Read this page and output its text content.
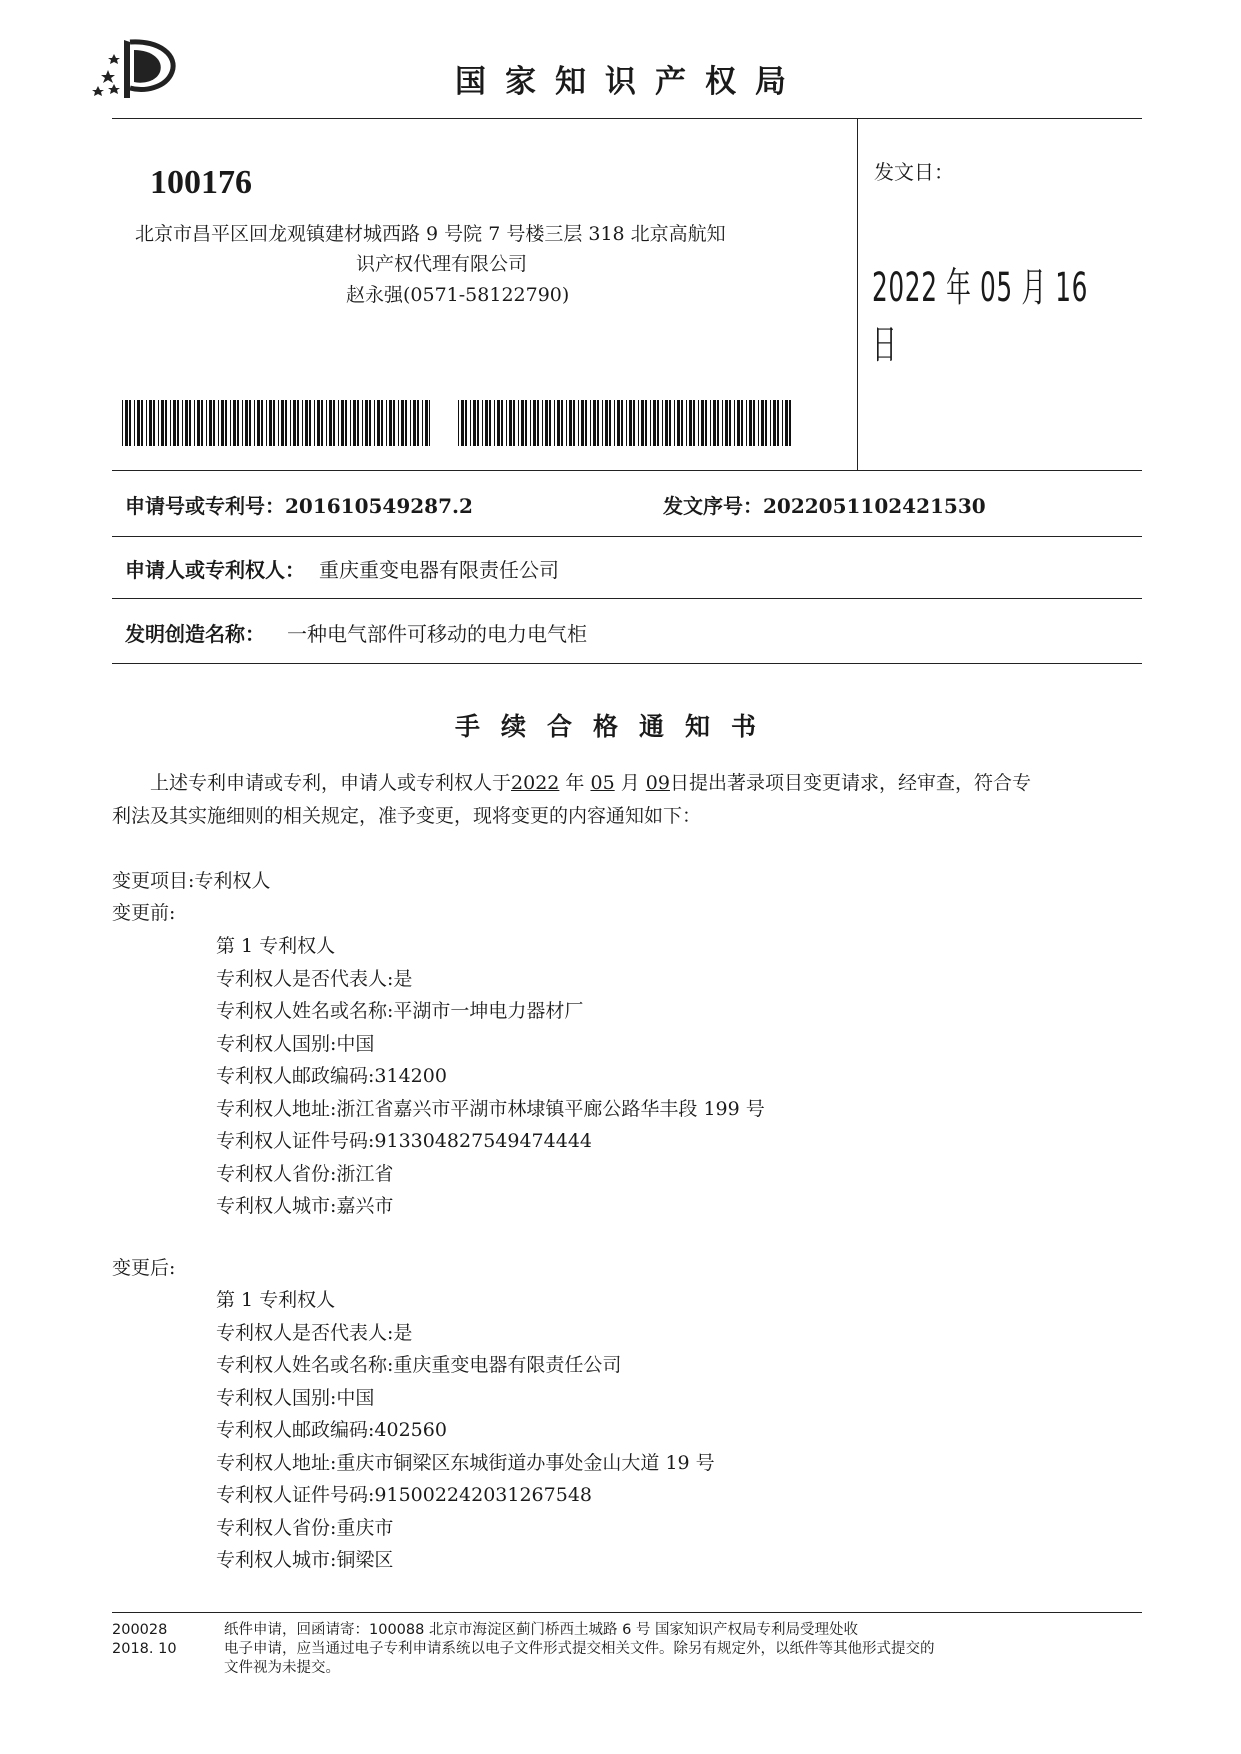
国家知识产权局
100176
北京市昌平区回龙观镇建材城西路 9 号院 7 号楼三层 318 北京高航知
识产权代理有限公司
赵永强(0571-58122790)
发文日：
2022 年 05 月 16 日
申请号或专利号：201610549287.2	发文序号：2022051102421530
申请人或专利权人： 重庆重变电器有限责任公司
发明创造名称： 一种电气部件可移动的电力电气柜
手续合格通知书
上述专利申请或专利，申请人或专利权人于2022 年 05 月 09日提出著录项目变更请求，经审查，符合专
利法及其实施细则的相关规定，准予变更，现将变更的内容通知如下：
变更项目:专利权人
变更前:
第 1 专利权人
专利权人是否代表人:是
专利权人姓名或名称:平湖市一坤电力器材厂
专利权人国别:中国
专利权人邮政编码:314200
专利权人地址:浙江省嘉兴市平湖市林埭镇平廊公路华丰段 199 号
专利权人证件号码:913304827549474444
专利权人省份:浙江省
专利权人城市:嘉兴市
变更后:
第 1 专利权人
专利权人是否代表人:是
专利权人姓名或名称:重庆重变电器有限责任公司
专利权人国别:中国
专利权人邮政编码:402560
专利权人地址:重庆市铜梁区东城街道办事处金山大道 19 号
专利权人证件号码:91500224203126754​8
专利权人省份:重庆市
专利权人城市:铜梁区
200028
2018. 10
纸件申请，回函请寄：100088 北京市海淀区蓟门桥西土城路 6 号 国家知识产权局专利局受理处收
电子申请，应当通过电子专利申请系统以电子文件形式提交相关文件。除另有规定外，以纸件等其他形式提交的
文件视为未提交。
